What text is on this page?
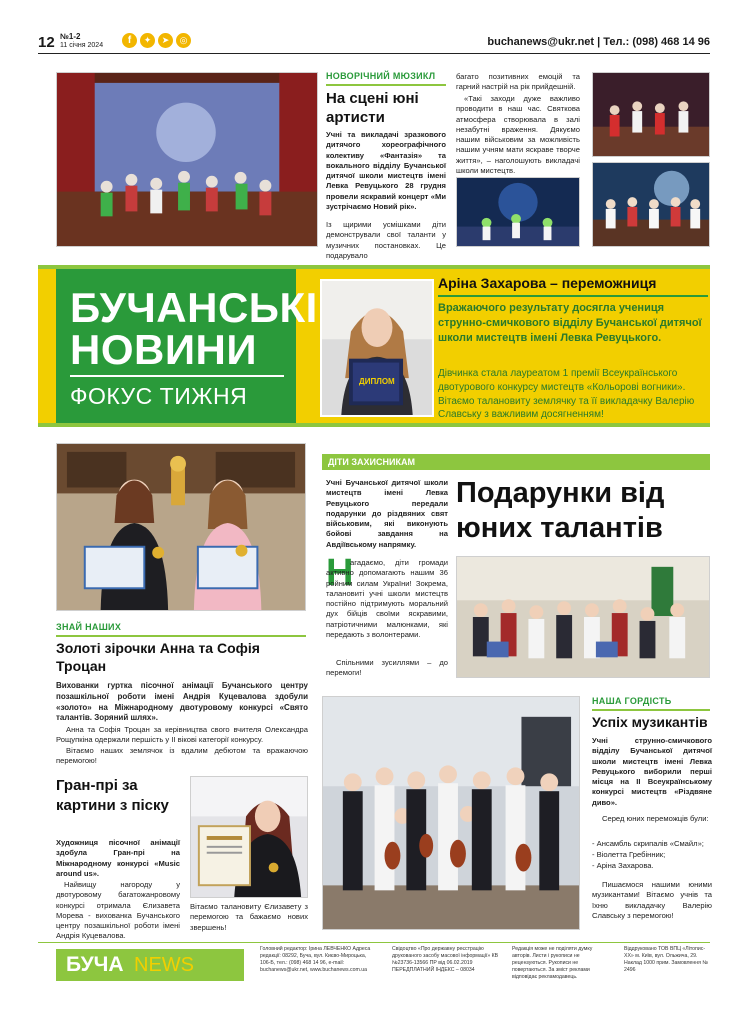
12 №1-2
11 січня 2024	f	✦	➤	◎	buchanews@ukr.net | Тел.: (098) 468 14 96
НОВОРІЧНИЙ МЮЗИКЛ
На сцені юні артисти

Учні та викладачі зразкового дитячого хореографічного колективу «Фантазія» та вокального відділу Бучанської дитячої школи мистецтв імені Левка Ревуцького 28 грудня провели яскравий концерт «Ми зустрічаємо Новий рік».

Із щирими усмішками діти демонстрували свої таланти у музичних постановках. Це подарувало

багато позитивних емоцій та гарний настрій на рік прийдешній.

«Такі заходи дуже важливо проводити в наш час. Святкова атмосфера створювала в залі незабутні враження. Дякуємо нашим військовим за можливість нашим учням мати яскраве творче життя», – наголошують викладачі школи мистецтв.

БУЧАНСЬКІ
НОВИНИ
ФОКУС ТИЖНЯ
ДИПЛОМ
Аріна Захарова – переможниця

Вражаючого результату досягла учениця струнно-смичкового відділу Бучанської дитячої школи мистецтв імені Левка Ревуцького.

Дівчинка стала лауреатом 1 премії Всеукраїнського двотурового конкурсу мистецтв «Кольорові вогники». Вітаємо талановиту землячку та її викладачку Валерію Славську з важливим досягненням!

ЗНАЙ НАШИХ
Золоті зірочки Анна та Софія Троцан

Вихованки гуртка пісочної анімації Бучанського центру позашкільної роботи імені Андрія Куцевалова здобули «золото» на Міжнародному двотуровому конкурсі «Свято талантів. Зоряний шлях».

Анна та Софія Троцан за керівництва свого вчителя Олександра Рощупкіна одержали першість у ІІ вікові категорії конкурсу.

Вітаємо наших землячок із вдалим дебютом та вражаючою перемогою!

Гран-прі за картини з піску

Художниця пісочної анімації здобула Гран-прі на Міжнародному конкурсі «Music around us».

Найвищу нагороду у двотуровому багатожанровому конкурсі отримала Єлизавета Морева - вихованка Бучанського центру позашкільної роботи імені Андрія Куцевалова.

Вітаємо талановиту Єлизавету з перемогою та бажаємо нових звершень!

ДІТИ ЗАХИСНИКАМ

Учні Бучанської дитячої школи мистецтв імені Левка Ревуцького передали подарунки до різдвяних свят військовим, які виконують бойові завдання на Авдіївському напрямку.

Н

агадаємо, діти громади активно допомагають нашим 36 ройним силам України! Зокрема, талановиті учні школи мистецтв постійно підтримують моральний дух бійців своїми яскравими, патріотичними малюнками, які передають з волонтерами.

Спільними зусиллями – до перемоги!

Подарунки від юних талантів
НАША ГОРДІСТЬ
Успіх музикантів

Учні струнно-смичкового відділу Бучанської дитячої школи мистецтв імені Левка Ревуцького виборили перші місця на ІІ Всеукраїнському конкурсі мистецтв «Різдвяне диво».

Серед юних переможців були:

- Ансамбль скрипалів «Смайл»;
- Віолетта Гребінник;
- Аріна Захарова.

Пишаємося нашими юними музикантами! Вітаємо учнів та їхню викладачку Валерію Славську з перемогою!

БУЧА NEWS

Головний редактор: Ірина ЛЕВЧЕНКО Адреса редакції: 08292, Бучa, вул. Києво-Мироцька, 106-Б, тел.: (098) 468 14 96, e-mail: buchanews@ukr.net, www.buchanews.com.ua

Свідоцтво «Про державну реєстрацію друкованого засобу масової інформації» КВ №23736-13566 ПР від 06.02.2019 ПЕРЕДПЛАТНИЙ ІНДЕКС – 08034

Редакція може не поділяти думку авторів. Листи і рукописи не рецензуються. Рукописи не повертаються. За зміст реклами відповідає рекламодавець.

Віддруковано ТОВ ВПЦ «Літопис-ХХ» м. Київ, вул. Ольжича, 29. Наклад 1000 прим. Замовлення № 2496
